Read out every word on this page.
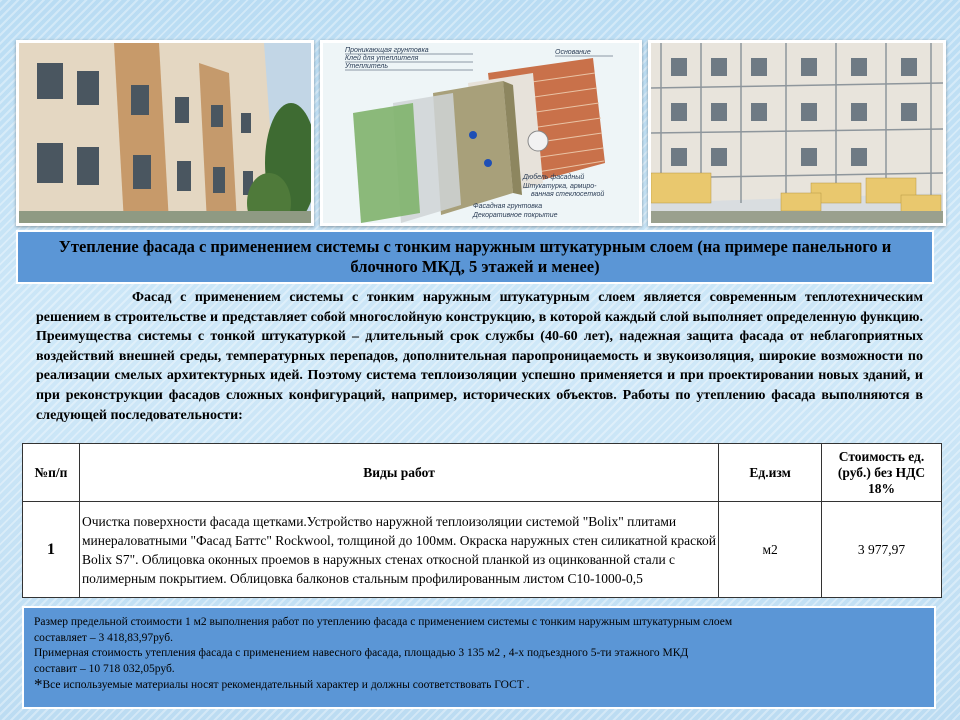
Проникающая грунтовка
Клей для утеплителя
Утеплитель
Основание
Дюбель фасадный
Штукатурка, армиро-
ванная стеклосеткой
Фасадная грунтовка
Декоративное покрытие
Утепление фасада с применением системы с тонким наружным штукатурным слоем (на примере панельного и блочного МКД, 5 этажей и менее)

Фасад с применением системы с тонким наружным штукатурным слоем является современным теплотехническим решением в строительстве и представляет собой многослойную конструкцию, в которой каждый слой выполняет определенную функцию. Преимущества системы с тонкой штукатуркой – длительный срок службы (40-60 лет), надежная защита фасада от неблагоприятных воздействий внешней среды, температурных перепадов, дополнительная паропроницаемость и звукоизоляция, широкие возможности по реализации смелых архитектурных идей. Поэтому система теплоизоляции успешно применяется и при проектировании новых зданий, и при реконструкции фасадов сложных конфигураций, например, исторических объектов. Работы по утеплению фасада выполняются в следующей последовательности:

№п/п	Виды работ	Ед.изм	Стоимость ед. (руб.) без НДС 18%
1	Очистка поверхности фасада щетками.Устройство наружной теплоизоляции системой "Bolix" плитами минераловатными "Фасад Баттс" Rockwool, толщиной до 100мм. Окраска наружных стен силикатной краской Bolix S7". Облицовка оконных проемов в наружных стенах откосной планкой из оцинкованной стали с полимерным покрытием. Облицовка балконов стальным профилированным листом С10-1000-0,5	м2	3 977,97
Размер предельной стоимости 1 м2 выполнения работ по утеплению фасада с применением системы с тонким наружным штукатурным слоем
составляет – 3 418,83,97руб.
Примерная стоимость утепления фасада с применением навесного фасада, площадью 3 135 м2 , 4-х подъездного 5-ти этажного МКД
составит – 10 718 032,05руб.
*Все используемые материалы носят рекомендательный характер и должны соответствовать ГОСТ .
